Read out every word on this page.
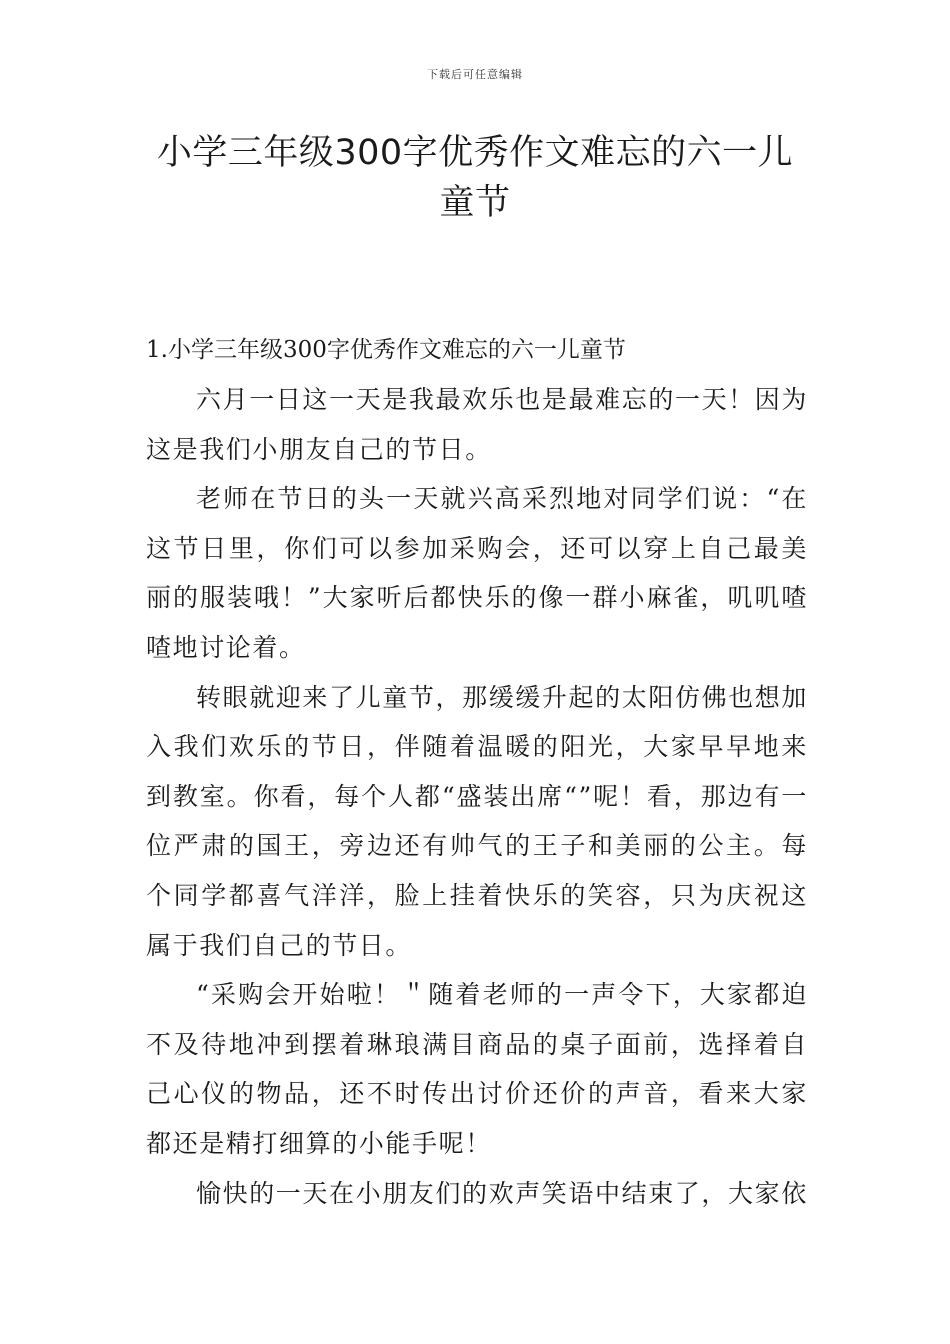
下载后可任意编辑
小学三年级300字优秀作文难忘的六一儿
童节

1.小学三年级300字优秀作文难忘的六一儿童节

六月一日这一天是我最欢乐也是最难忘的一天！因为这是我们小朋友自己的节日。

老师在节日的头一天就兴高采烈地对同学们说：“在这节日里，你们可以参加采购会，还可以穿上自己最美丽的服装哦！”大家听后都快乐的像一群小麻雀，叽叽喳喳地讨论着。

转眼就迎来了儿童节，那缓缓升起的太阳仿佛也想加入我们欢乐的节日，伴随着温暖的阳光，大家早早地来到教室。你看，每个人都“盛装出席“”呢！看，那边有一位严肃的国王，旁边还有帅气的王子和美丽的公主。每个同学都喜气洋洋，脸上挂着快乐的笑容，只为庆祝这属于我们自己的节日。

“采购会开始啦！＂随着老师的一声令下，大家都迫不及待地冲到摆着琳琅满目商品的桌子面前，选择着自己心仪的物品，还不时传出讨价还价的声音，看来大家都还是精打细算的小能手呢！

愉快的一天在小朋友们的欢声笑语中结束了，大家依
